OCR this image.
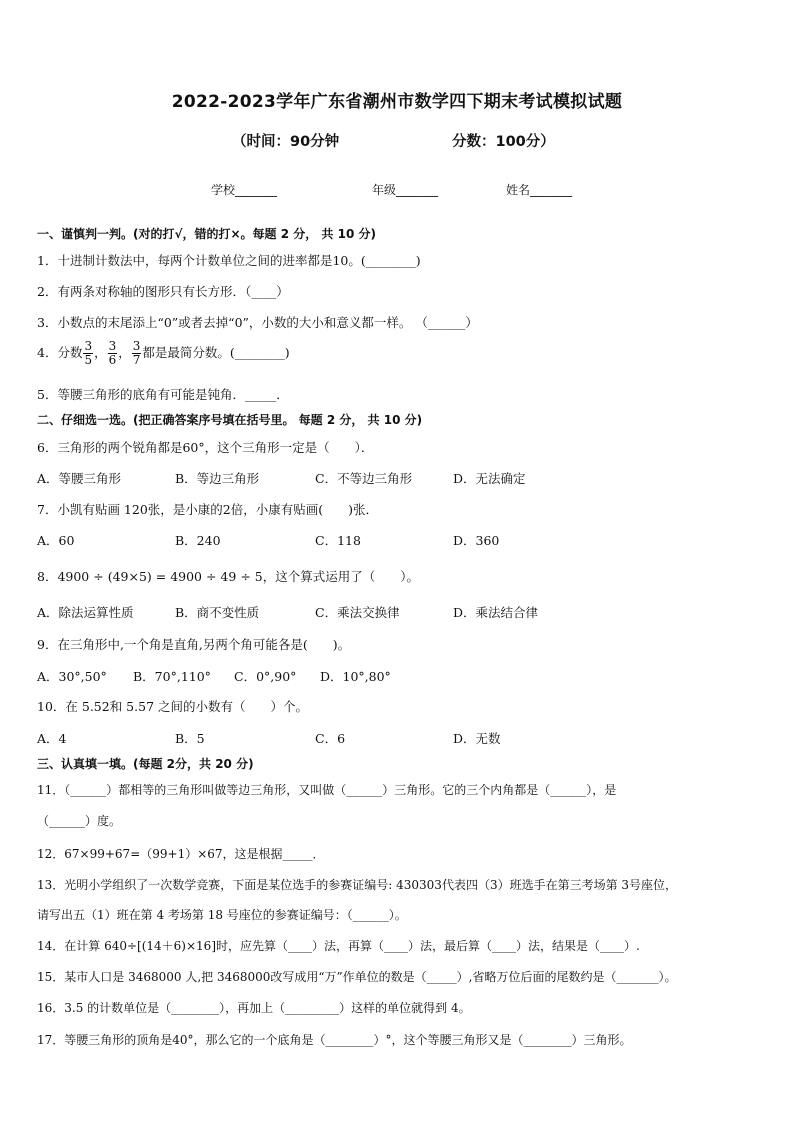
2022-2023学年广东省潮州市数学四下期末考试模拟试题
（时间：90分钟	分数：100分）
学校_______	年级_______	姓名_______
一、谨慎判一判。(对的打√，错的打×。每题 2 分， 共 10 分)
1．十进制计数法中，每两个计数单位之间的进率都是10。(________)
2．有两条对称轴的图形只有长方形．（____）
3．小数点的末尾添上“0”或者去掉“0”，小数的大小和意义都一样。 （______）
4．分数 $\frac{3}{5}$ ， $\frac{3}{6}$ ， $\frac{3}{7}$ 都是最简分数。(________)
5．等腰三角形的底角有可能是钝角．_____．
二、仔细选一选。(把正确答案序号填在括号里。 每题 2 分， 共 10 分)
6．三角形的两个锐角都是60°，这个三角形一定是（　　）．
A．等腰三角形	B．等边三角形	C．不等边三角形	D．无法确定
7．小凯有贴画 120张，是小康的2倍，小康有贴画(　　)张．
A．60	B．240	C．118	D．360
8．4900 ÷ (49×5) = 4900 ÷ 49 ÷ 5，这个算式运用了（　　）。
A．除法运算性质	B．商不变性质	C．乘法交换律	D．乘法结合律
9．在三角形中,一个角是直角,另两个角可能各是(　　)。
A．30°,50° B．70°,110° C．0°,90° D．10°,80°
10．在 5.52和 5.57 之间的小数有（　　）个。
A．4	B．5	C．6	D．无数
三、认真填一填。(每题 2分，共 20 分)
11．（______）都相等的三角形叫做等边三角形，又叫做（______）三角形。它的三个内角都是（______），是
（______）度。
12．67×99+67=（99+1）×67，这是根据_____．
13．光明小学组织了一次数学竞赛，下面是某位选手的参赛证编号: 430303代表四（3）班选手在第三考场第 3号座位，
请写出五（1）班在第 4 考场第 18 号座位的参赛证编号：（______）。
14．在计算 640÷[(14＋6)×16]时，应先算（____）法，再算（____）法，最后算（____）法，结果是（____）.
15．某市人口是 3468000 人,把 3468000改写成用“万”作单位的数是（_____）,省略万位后面的尾数约是（_______）。
16．3.5 的计数单位是（________），再加上（_________）这样的单位就得到 4。
17．等腰三角形的顶角是40°，那么它的一个底角是（________）°，这个等腰三角形又是（________）三角形。
